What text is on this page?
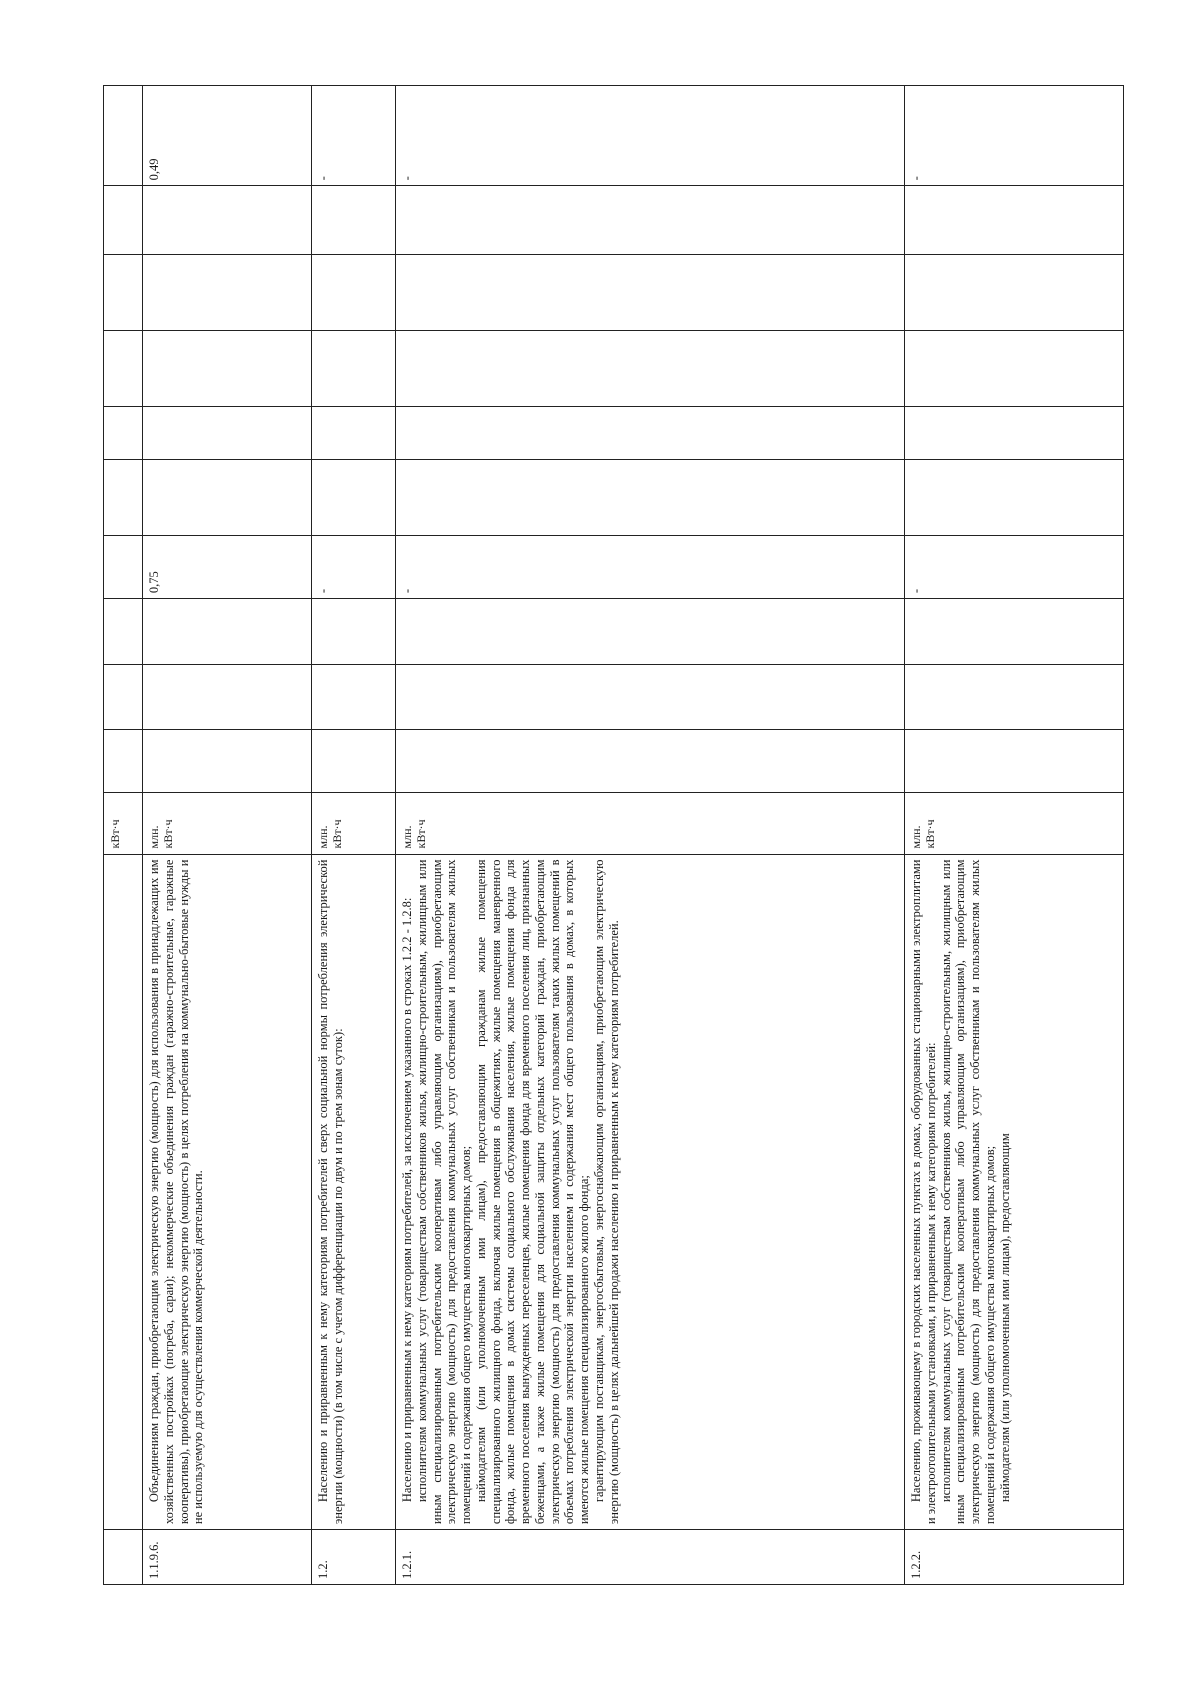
		кВт·ч										
1.1.9.6.	Объединениям граждан, приобретающим электрическую энергию (мощность) для использования в принадлежащих им хозяйственных постройках (погреба, сараи); некоммерческие объединения граждан (гаражно-строительные, гаражные кооперативы), приобретающие электрическую энергию (мощность) в целях потребления на коммунально-бытовые нужды и не используемую для осуществления коммерческой деятельности.	млн. кВт·ч				0,75						0,49
1.2.	Населению и приравненным к нему категориям потребителей сверх социальной нормы потребления электрической энергии (мощности) (в том числе с учетом дифференциации по двум и по трем зонам суток):	млн. кВт·ч				-						-
1.2.1.	Населению и приравненным к нему категориям потребителей, за исключением указанного в строках 1.2.2 - 1.2.8: исполнителям коммунальных услуг (товариществам собственников жилья, жилищно-строительным, жилищным или иным специализированным потребительским кооперативам либо управляющим организациям), приобретающим электрическую энергию (мощность) для предоставления коммунальных услуг собственникам и пользователям жилых помещений и содержания общего имущества многоквартирных домов; наймодателям (или уполномоченным ими лицам), предоставляющим гражданам жилые помещения специализированного жилищного фонда, включая жилые помещения в общежитиях, жилые помещения маневренного фонда, жилые помещения в домах системы социального обслуживания населения, жилые помещения фонда для временного поселения вынужденных переселенцев, жилые помещения фонда для временного поселения лиц, признанных беженцами, а также жилые помещения для социальной защиты отдельных категорий граждан, приобретающим электрическую энергию (мощность) для предоставления коммунальных услуг пользователям таких жилых помещений в объемах потребления электрической энергии населением и содержания мест общего пользования в домах, в которых имеются жилые помещения специализированного жилого фонда; гарантирующим поставщикам, энергосбытовым, энергоснабжающим организациям, приобретающим электрическую энергию (мощность) в целях дальнейшей продажи населению и приравненным к нему категориям потребителей.	млн. кВт·ч				-						-
1.2.2.	Населению, проживающему в городских населенных пунктах в домах, оборудованных стационарными электроплитами и электроотопительными установками, и приравненным к нему категориям потребителей: исполнителям коммунальных услуг (товариществам собственников жилья, жилищно-строительным, жилищным или иным специализированным потребительским кооперативам либо управляющим организациям), приобретающим электрическую энергию (мощность) для предоставления коммунальных услуг собственникам и пользователям жилых помещений и содержания общего имущества многоквартирных домов; наймодателям (или уполномоченным ими лицам), предоставляющим	млн. кВт·ч				-						-
